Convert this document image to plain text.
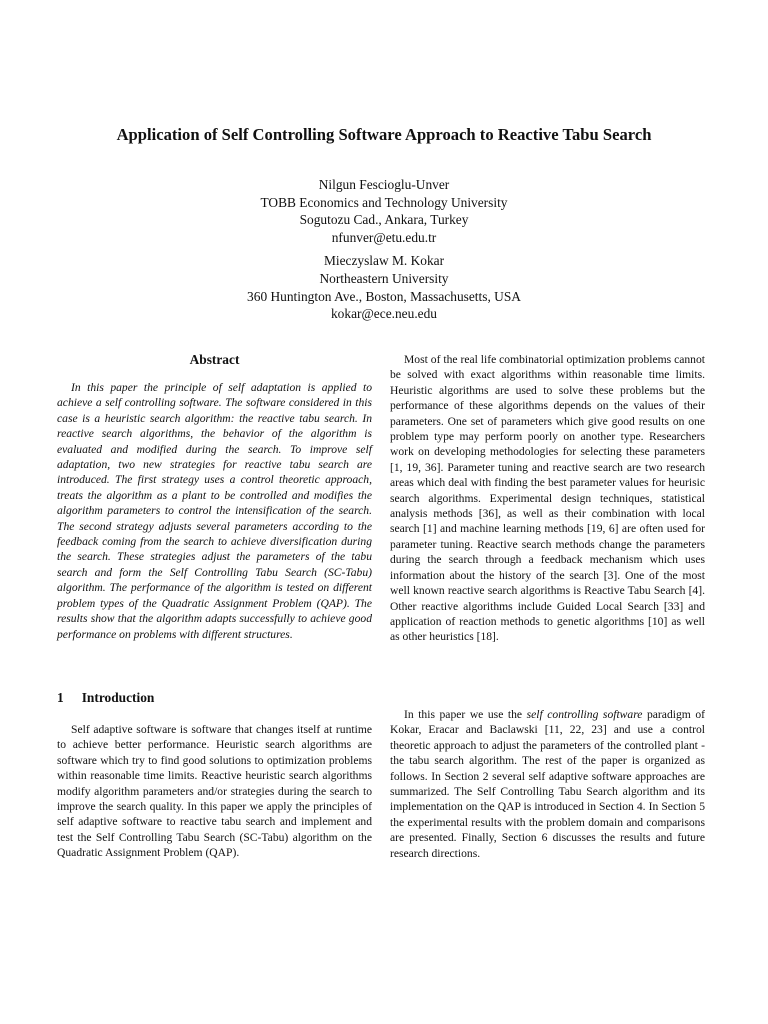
Application of Self Controlling Software Approach to Reactive Tabu Search
Nilgun Fescioglu-Unver
TOBB Economics and Technology University
Sogutozu Cad., Ankara, Turkey
nfunver@etu.edu.tr
Mieczyslaw M. Kokar
Northeastern University
360 Huntington Ave., Boston, Massachusetts, USA
kokar@ece.neu.edu
Abstract

In this paper the principle of self adaptation is applied to achieve a self controlling software. The software considered in this case is a heuristic search algorithm: the reactive tabu search. In reactive search algorithms, the behavior of the algorithm is evaluated and modified during the search. To improve self adaptation, two new strategies for reactive tabu search are introduced. The first strategy uses a control theoretic approach, treats the algorithm as a plant to be controlled and modifies the algorithm parameters to control the intensification of the search. The second strategy adjusts several parameters according to the feedback coming from the search to achieve diversification during the search. These strategies adjust the parameters of the tabu search and form the Self Controlling Tabu Search (SC-Tabu) algorithm. The performance of the algorithm is tested on different problem types of the Quadratic Assignment Problem (QAP). The results show that the algorithm adapts successfully to achieve good performance on problems with different structures.

1 Introduction

Self adaptive software is software that changes itself at runtime to achieve better performance. Heuristic search algorithms are software which try to find good solutions to optimization problems within reasonable time limits. Reactive heuristic search algorithms modify algorithm parameters and/or strategies during the search to improve the search quality. In this paper we apply the principles of self adaptive software to reactive tabu search and implement and test the Self Controlling Tabu Search (SC-Tabu) algorithm on the Quadratic Assignment Problem (QAP).

Most of the real life combinatorial optimization problems cannot be solved with exact algorithms within reasonable time limits. Heuristic algorithms are used to solve these problems but the performance of these algorithms depends on the values of their parameters. One set of parameters which give good results on one problem type may perform poorly on another type. Researchers work on developing methodologies for selecting these parameters [1, 19, 36]. Parameter tuning and reactive search are two research areas which deal with finding the best parameter values for heurisic search algorithms. Experimental design techniques, statistical analysis methods [36], as well as their combination with local search [1] and machine learning methods [19, 6] are often used for parameter tuning. Reactive search methods change the parameters during the search through a feedback mechanism which uses information about the history of the search [3]. One of the most well known reactive search algorithms is Reactive Tabu Search [4]. Other reactive algorithms include Guided Local Search [33] and application of reaction methods to genetic algorithms [10] as well as other heuristics [18].

In this paper we use the self controlling software paradigm of Kokar, Eracar and Baclawski [11, 22, 23] and use a control theoretic approach to adjust the parameters of the controlled plant - the tabu search algorithm. The rest of the paper is organized as follows. In Section 2 several self adaptive software approaches are summarized. The Self Controlling Tabu Search algorithm and its implementation on the QAP is introduced in Section 4. In Section 5 the experimental results with the problem domain and comparisons are presented. Finally, Section 6 discusses the results and future research directions.
